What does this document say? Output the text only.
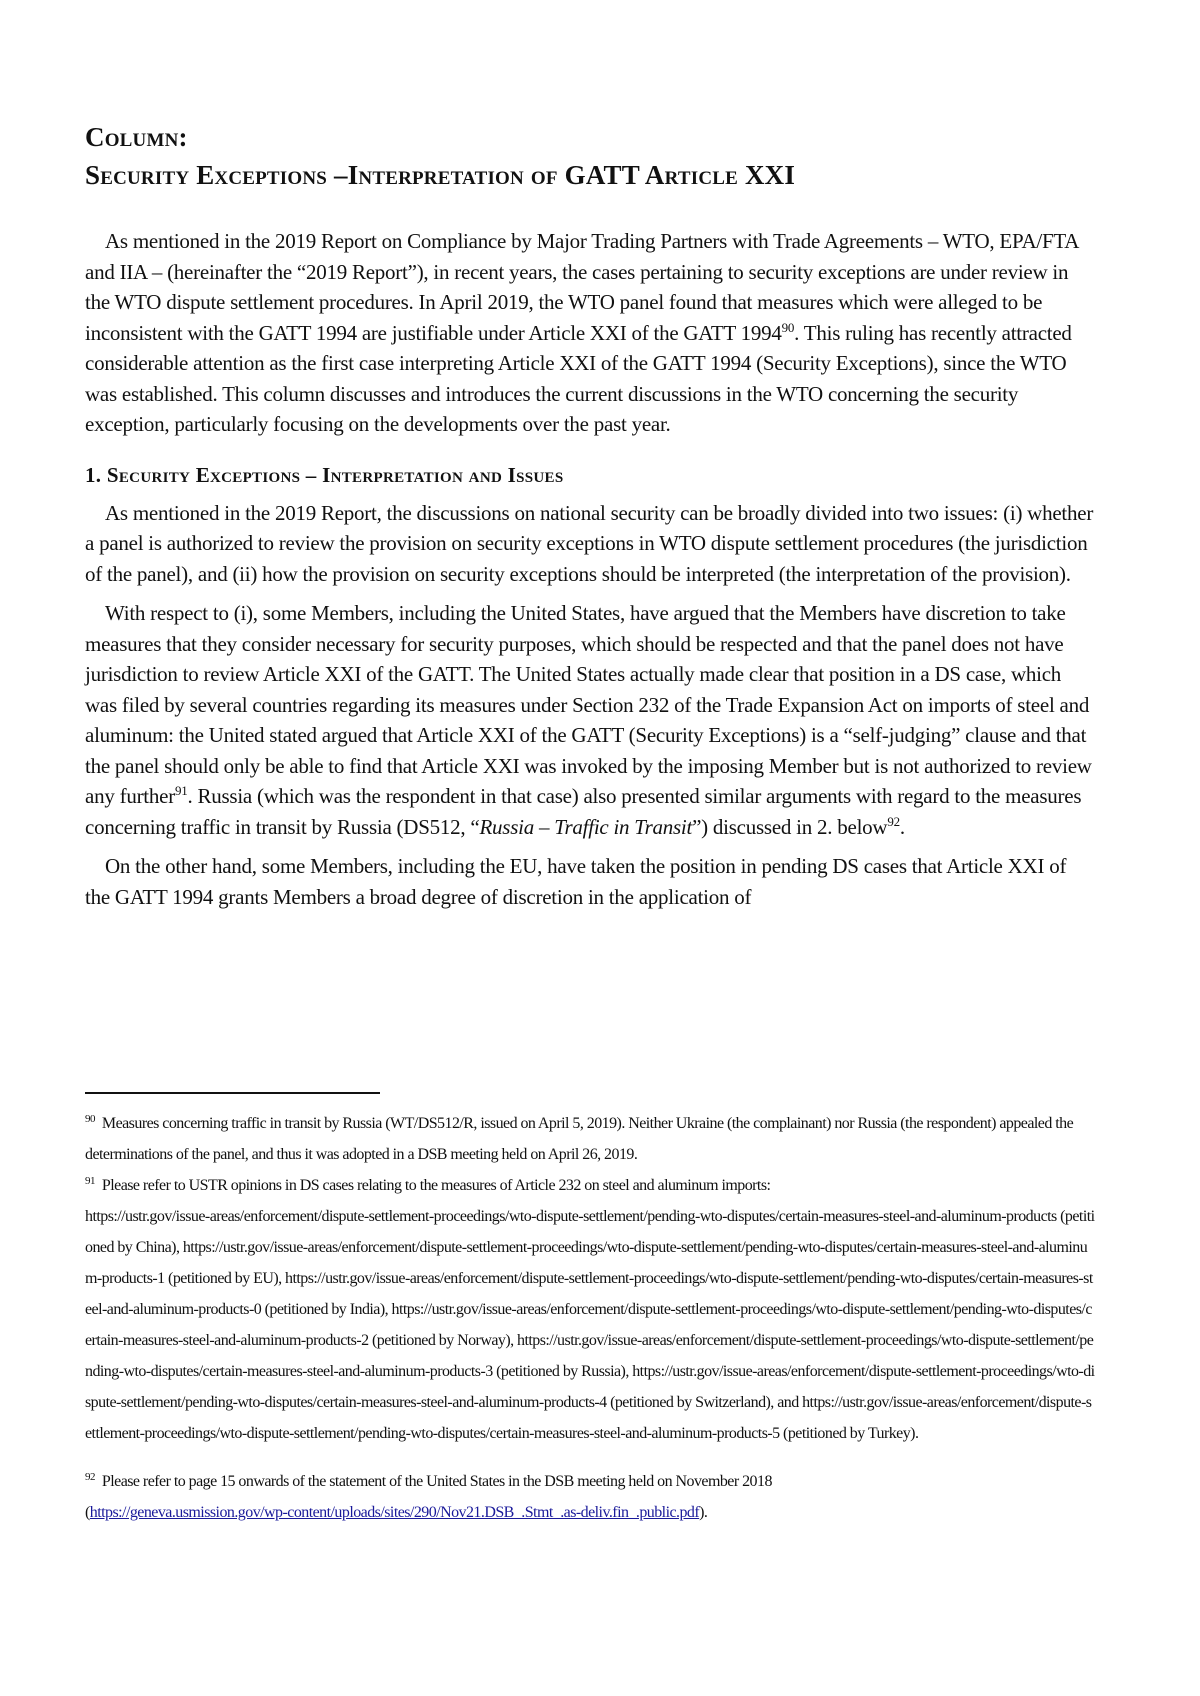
Column:
Security Exceptions –Interpretation of GATT Article XXI

As mentioned in the 2019 Report on Compliance by Major Trading Partners with Trade Agreements – WTO, EPA/FTA and IIA – (hereinafter the “2019 Report”), in recent years, the cases pertaining to security exceptions are under review in the WTO dispute settlement procedures. In April 2019, the WTO panel found that measures which were alleged to be inconsistent with the GATT 1994 are justifiable under Article XXI of the GATT 1994$^{90}$. This ruling has recently attracted considerable attention as the first case interpreting Article XXI of the GATT 1994 (Security Exceptions), since the WTO was established. This column discusses and introduces the current discussions in the WTO concerning the security exception, particularly focusing on the developments over the past year.

1. Security Exceptions – Interpretation and Issues

As mentioned in the 2019 Report, the discussions on national security can be broadly divided into two issues: (i) whether a panel is authorized to review the provision on security exceptions in WTO dispute settlement procedures (the jurisdiction of the panel), and (ii) how the provision on security exceptions should be interpreted (the interpretation of the provision).

With respect to (i), some Members, including the United States, have argued that the Members have discretion to take measures that they consider necessary for security purposes, which should be respected and that the panel does not have jurisdiction to review Article XXI of the GATT. The United States actually made clear that position in a DS case, which was filed by several countries regarding its measures under Section 232 of the Trade Expansion Act on imports of steel and aluminum: the United stated argued that Article XXI of the GATT (Security Exceptions) is a “self-judging” clause and that the panel should only be able to find that Article XXI was invoked by the imposing Member but is not authorized to review any further$^{91}$. Russia (which was the respondent in that case) also presented similar arguments with regard to the measures concerning traffic in transit by Russia (DS512, “Russia – Traffic in Transit”) discussed in 2. below$^{92}$.

On the other hand, some Members, including the EU, have taken the position in pending DS cases that Article XXI of the GATT 1994 grants Members a broad degree of discretion in the application of

$^{90}$ Measures concerning traffic in transit by Russia (WT/DS512/R, issued on April 5, 2019). Neither Ukraine (the complainant) nor Russia (the respondent) appealed the determinations of the panel, and thus it was adopted in a DSB meeting held on April 26, 2019.

$^{91}$ Please refer to USTR opinions in DS cases relating to the measures of Article 232 on steel and aluminum imports:
https://ustr.gov/issue-areas/enforcement/dispute-settlement-proceedings/wto-dispute-settlement/pending-wto-disputes/certain-measures-steel-and-aluminum-products (petitioned by China), https://ustr.gov/issue-areas/enforcement/dispute-settlement-proceedings/wto-dispute-settlement/pending-wto-disputes/certain-measures-steel-and-aluminum-products-1 (petitioned by EU), https://ustr.gov/issue-areas/enforcement/dispute-settlement-proceedings/wto-dispute-settlement/pending-wto-disputes/certain-measures-steel-and-aluminum-products-0 (petitioned by India), https://ustr.gov/issue-areas/enforcement/dispute-settlement-proceedings/wto-dispute-settlement/pending-wto-disputes/certain-measures-steel-and-aluminum-products-2 (petitioned by Norway), https://ustr.gov/issue-areas/enforcement/dispute-settlement-proceedings/wto-dispute-settlement/pending-wto-disputes/certain-measures-steel-and-aluminum-products-3 (petitioned by Russia), https://ustr.gov/issue-areas/enforcement/dispute-settlement-proceedings/wto-dispute-settlement/pending-wto-disputes/certain-measures-steel-and-aluminum-products-4 (petitioned by Switzerland), and https://ustr.gov/issue-areas/enforcement/dispute-settlement-proceedings/wto-dispute-settlement/pending-wto-disputes/certain-measures-steel-and-aluminum-products-5 (petitioned by Turkey).

$^{92}$ Please refer to page 15 onwards of the statement of the United States in the DSB meeting held on November 2018
(https://geneva.usmission.gov/wp-content/uploads/sites/290/Nov21.DSB_.Stmt_.as-deliv.fin_.public.pdf).
